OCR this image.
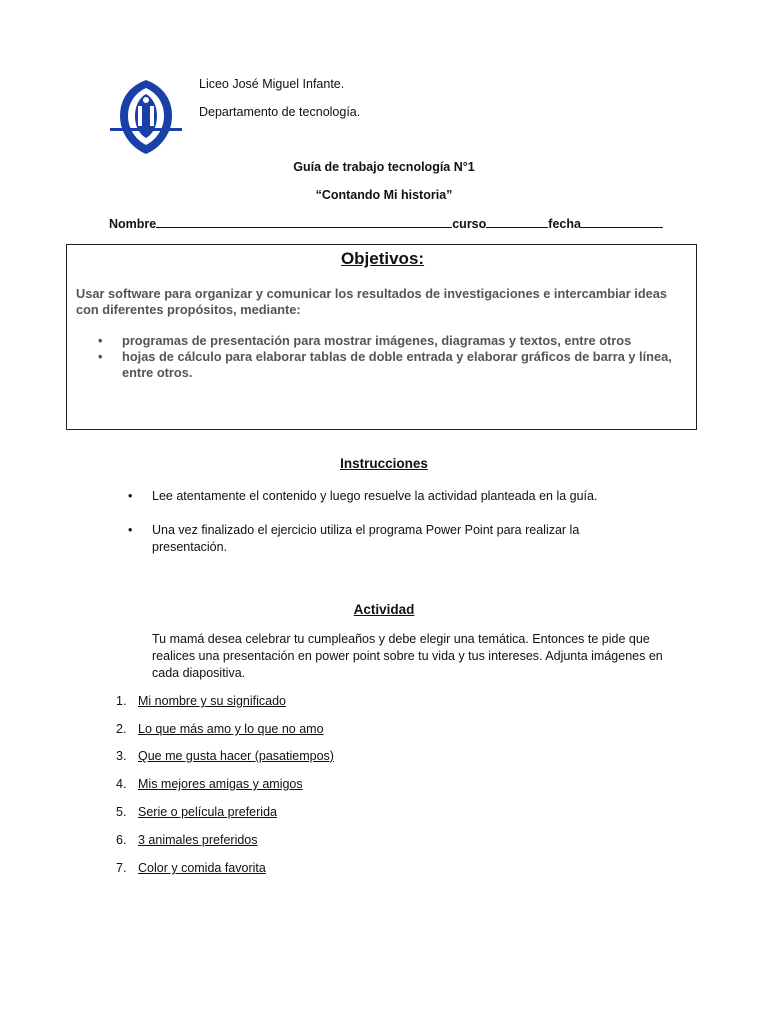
Liceo José Miguel Infante.
Departamento de tecnología.
Guía de trabajo tecnología N°1
“Contando Mi historia”
Nombre	curso	fecha
Objetivos:
Usar software para organizar y comunicar los resultados de investigaciones e intercambiar ideas con diferentes propósitos, mediante:
• programas de presentación para mostrar imágenes, diagramas y textos, entre otros
• hojas de cálculo para elaborar tablas de doble entrada y elaborar gráficos de barra y línea, entre otros.
Instrucciones
•	Lee atentamente el contenido y luego resuelve la actividad planteada en la guía.
•	Una vez finalizado el ejercicio utiliza el programa Power Point para realizar la presentación.
Actividad
Tu mamá desea celebrar tu cumpleaños y debe elegir una temática. Entonces te pide que realices una presentación en power point sobre tu vida y tus intereses. Adjunta imágenes en cada diapositiva.
1. Mi nombre y su significado
2. Lo que más amo y lo que no amo
3. Que me gusta hacer (pasatiempos)
4. Mis mejores amigas y amigos
5. Serie o película preferida
6. 3 animales preferidos
7. Color y comida favorita
